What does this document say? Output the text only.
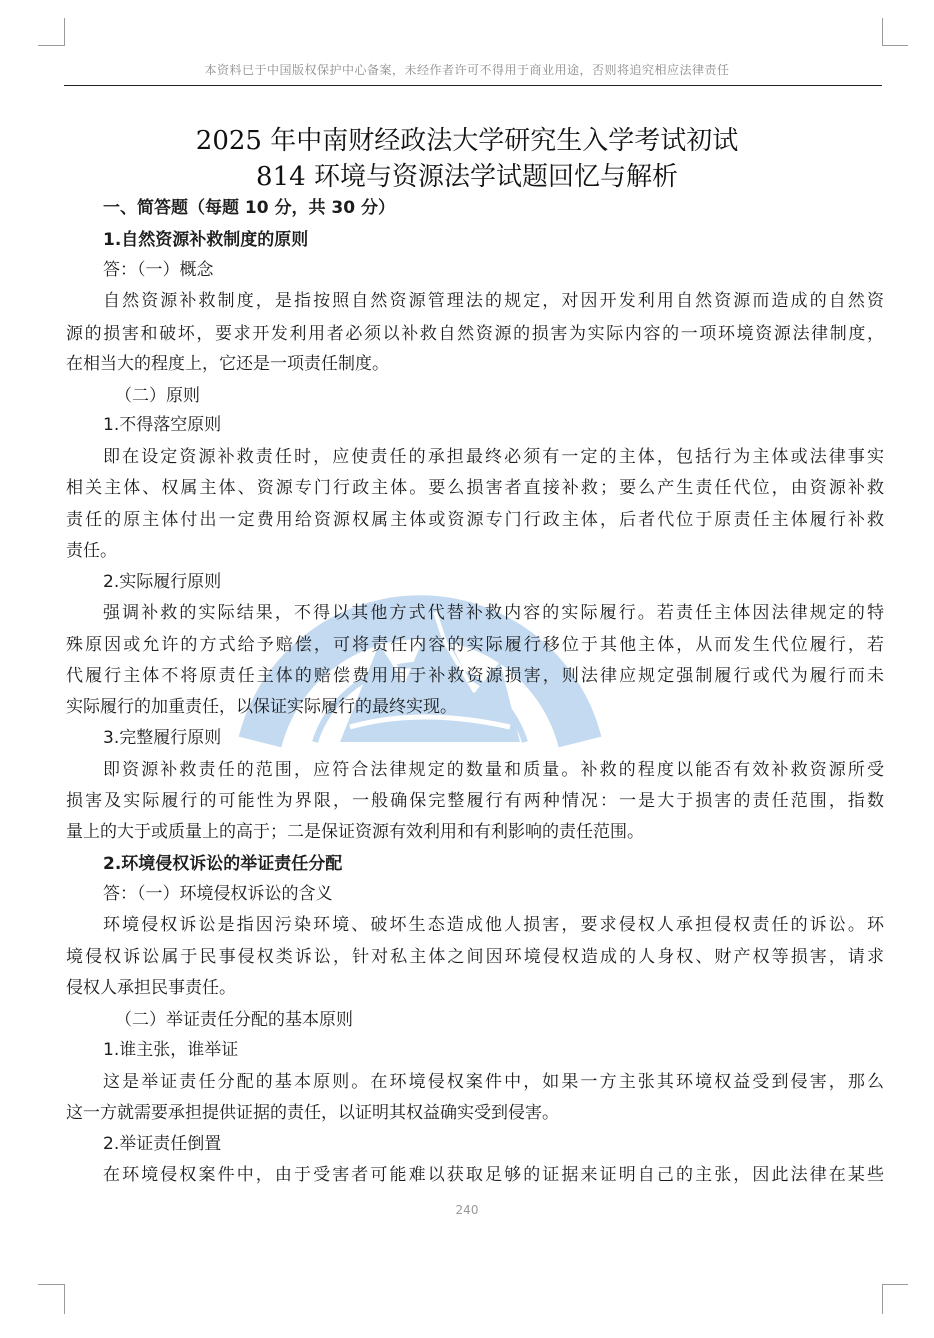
本资料已于中国版权保护中心备案，未经作者许可不得用于商业用途，否则将追究相应法律责任
2025 年中南财经政法大学研究生入学考试初试
814 环境与资源法学试题回忆与解析
一、简答题（每题 10 分，共 30 分）
1.自然资源补救制度的原则
答：（一）概念
自然资源补救制度，是指按照自然资源管理法的规定，对因开发利用自然资源而造成的自然资
源的损害和破坏，要求开发利用者必须以补救自然资源的损害为实际内容的一项环境资源法律制度，
在相当大的程度上，它还是一项责任制度。
（二）原则
1.不得落空原则
即在设定资源补救责任时，应使责任的承担最终必须有一定的主体，包括行为主体或法律事实
相关主体、权属主体、资源专门行政主体。要么损害者直接补救；要么产生责任代位，由资源补救
责任的原主体付出一定费用给资源权属主体或资源专门行政主体，后者代位于原责任主体履行补救
责任。
2.实际履行原则
强调补救的实际结果，不得以其他方式代替补救内容的实际履行。若责任主体因法律规定的特
殊原因或允许的方式给予赔偿，可将责任内容的实际履行移位于其他主体，从而发生代位履行，若
代履行主体不将原责任主体的赔偿费用用于补救资源损害，则法律应规定强制履行或代为履行而未
实际履行的加重责任，以保证实际履行的最终实现。
3.完整履行原则
即资源补救责任的范围，应符合法律规定的数量和质量。补救的程度以能否有效补救资源所受
损害及实际履行的可能性为界限，一般确保完整履行有两种情况：一是大于损害的责任范围，指数
量上的大于或质量上的高于；二是保证资源有效利用和有利影响的责任范围。
2.环境侵权诉讼的举证责任分配
答：（一）环境侵权诉讼的含义
环境侵权诉讼是指因污染环境、破坏生态造成他人损害，要求侵权人承担侵权责任的诉讼。环
境侵权诉讼属于民事侵权类诉讼，针对私主体之间因环境侵权造成的人身权、财产权等损害，请求
侵权人承担民事责任。
（二）举证责任分配的基本原则
1.谁主张，谁举证
这是举证责任分配的基本原则。在环境侵权案件中，如果一方主张其环境权益受到侵害，那么
这一方就需要承担提供证据的责任，以证明其权益确实受到侵害。
2.举证责任倒置
在环境侵权案件中，由于受害者可能难以获取足够的证据来证明自己的主张，因此法律在某些
240
